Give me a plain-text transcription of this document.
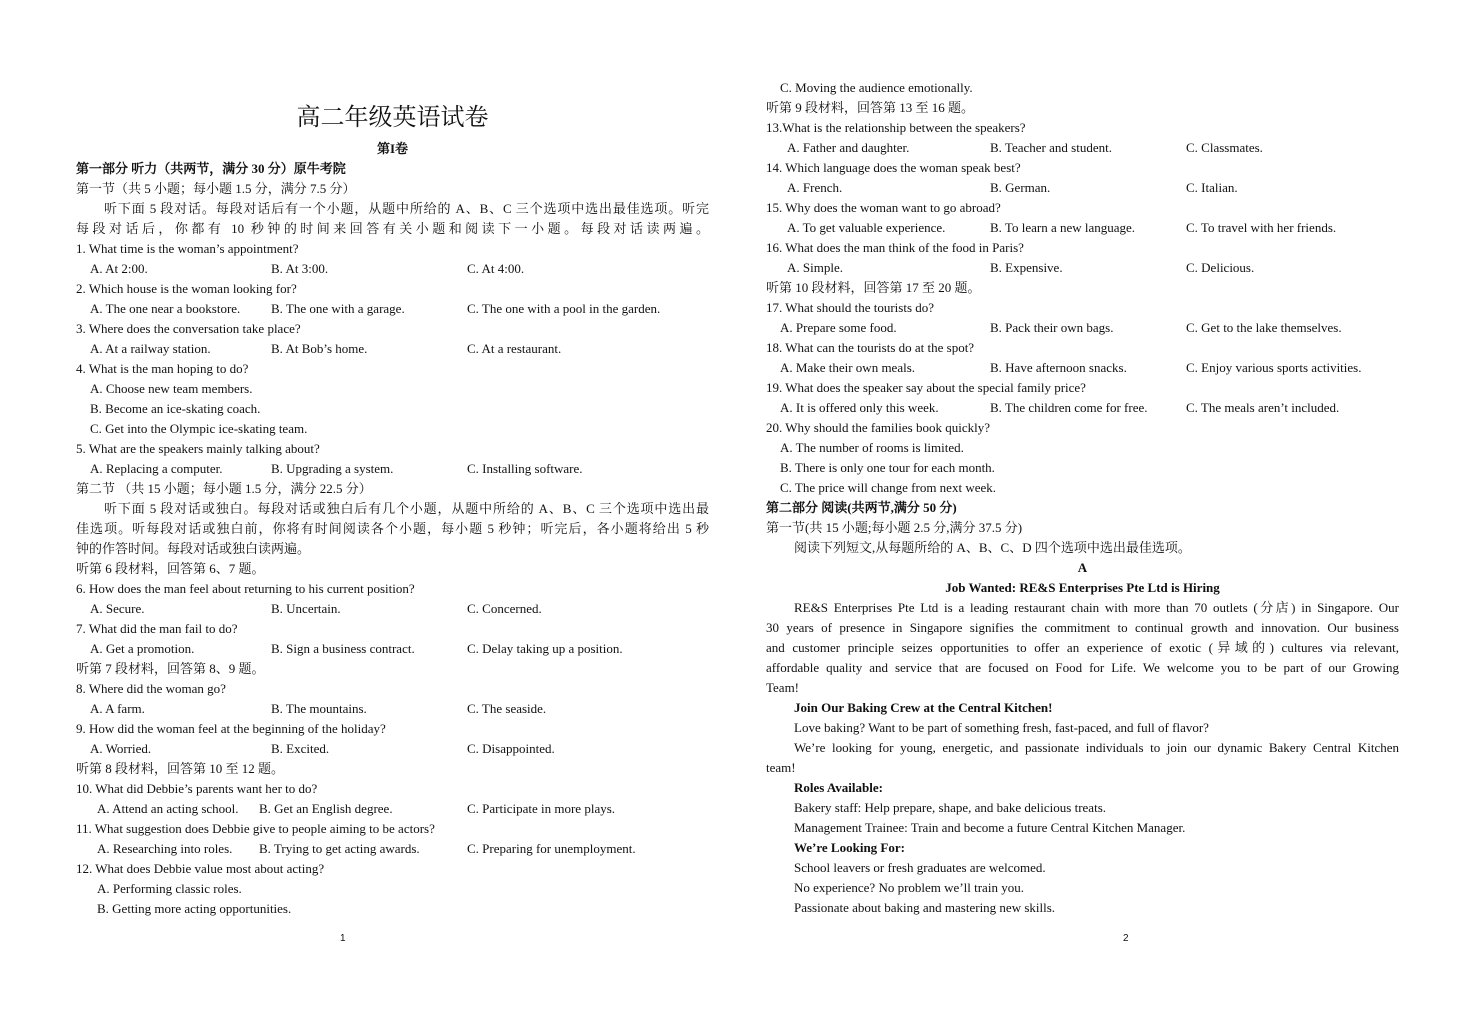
高二年级英语试卷
第I卷
第一部分 听力（共两节，满分 30 分）原牛考院
第一节（共 5 小题；每小题 1.5 分，满分 7.5 分）
听下面 5 段对话。每段对话后有一个小题，从题中所给的 A、B、C 三个选项中选出最佳选项。听完
每段对话后，你都有 10 秒钟的时间来回答有关小题和阅读下一小题。每段对话读两遍。
1. What time is the woman’s appointment?
A. At 2:00.	B. At 3:00.	C. At 4:00.
2. Which house is the woman looking for?
A. The one near a bookstore. B. The one with a garage.	C. The one with a pool in the garden.
3. Where does the conversation take place?
A. At a railway station.	B. At Bob’s home.	C. At a restaurant.
4. What is the man hoping to do?
A. Choose new team members.
B. Become an ice-skating coach.
C. Get into the Olympic ice-skating team.
5. What are the speakers mainly talking about?
A. Replacing a computer.	B. Upgrading a system.	C. Installing software.
第二节 （共 15 小题；每小题 1.5 分，满分 22.5 分）
听下面 5 段对话或独白。每段对话或独白后有几个小题，从题中所给的 A、B、C 三个选项中选出最
佳选项。听每段对话或独白前，你将有时间阅读各个小题，每小题 5 秒钟；听完后，各小题将给出 5 秒
钟的作答时间。每段对话或独白读两遍。
听第 6 段材料，回答第 6、7 题。
6. How does the man feel about returning to his current position?
A. Secure.	B. Uncertain.	C. Concerned.
7. What did the man fail to do?
A. Get a promotion.	B. Sign a business contract.	C. Delay taking up a position.
听第 7 段材料，回答第 8、9 题。
8. Where did the woman go?
A. A farm.	B. The mountains.	C. The seaside.
9. How did the woman feel at the beginning of the holiday?
A. Worried.	B. Excited.	C. Disappointed.
听第 8 段材料，回答第 10 至 12 题。
10. What did Debbie’s parents want her to do?
A. Attend an acting school. B. Get an English degree.	C. Participate in more plays.
11. What suggestion does Debbie give to people aiming to be actors?
A. Researching into roles. B. Trying to get acting awards.	C. Preparing for unemployment.
12. What does Debbie value most about acting?
A. Performing classic roles.
B. Getting more acting opportunities.
1
C. Moving the audience emotionally.
听第 9 段材料，回答第 13 至 16 题。
13.What is the relationship between the speakers?
A. Father and daughter.	B. Teacher and student.	C. Classmates.
14. Which language does the woman speak best?
A. French.	B. German.	C. Italian.
15. Why does the woman want to go abroad?
A. To get valuable experience.	B. To learn a new language.	C. To travel with her friends.
16. What does the man think of the food in Paris?
A. Simple.	B. Expensive.	C. Delicious.
听第 10 段材料，回答第 17 至 20 题。
17. What should the tourists do?
A. Prepare some food.	B. Pack their own bags.	C. Get to the lake themselves.
18. What can the tourists do at the spot?
A. Make their own meals.	B. Have afternoon snacks.	C. Enjoy various sports activities.
19. What does the speaker say about the special family price?
A. It is offered only this week.	B. The children come for free.	C. The meals aren’t included.
20. Why should the families book quickly?
A. The number of rooms is limited.
B. There is only one tour for each month.
C. The price will change from next week.
第二部分 阅读(共两节,满分 50 分)
第一节(共 15 小题;每小题 2.5 分,满分 37.5 分)
阅读下列短文,从每题所给的 A、B、C、D 四个选项中选出最佳选项。
A
Job Wanted: RE&S Enterprises Pte Ltd is Hiring
RE&S Enterprises Pte Ltd is a leading restaurant chain with more than 70 outlets (分店) in Singapore. Our
30 years of presence in Singapore signifies the commitment to continual growth and innovation. Our business
and customer principle seizes opportunities to offer an experience of exotic (异域的) cultures via relevant,
affordable quality and service that are focused on Food for Life. We welcome you to be part of our Growing
Team!
Join Our Baking Crew at the Central Kitchen!
Love baking? Want to be part of something fresh, fast-paced, and full of flavor?
We’re looking for young, energetic, and passionate individuals to join our dynamic Bakery Central Kitchen
team!
Roles Available:
Bakery staff: Help prepare, shape, and bake delicious treats.
Management Trainee: Train and become a future Central Kitchen Manager.
We’re Looking For:
School leavers or fresh graduates are welcomed.
No experience? No problem we’ll train you.
Passionate about baking and mastering new skills.
2
